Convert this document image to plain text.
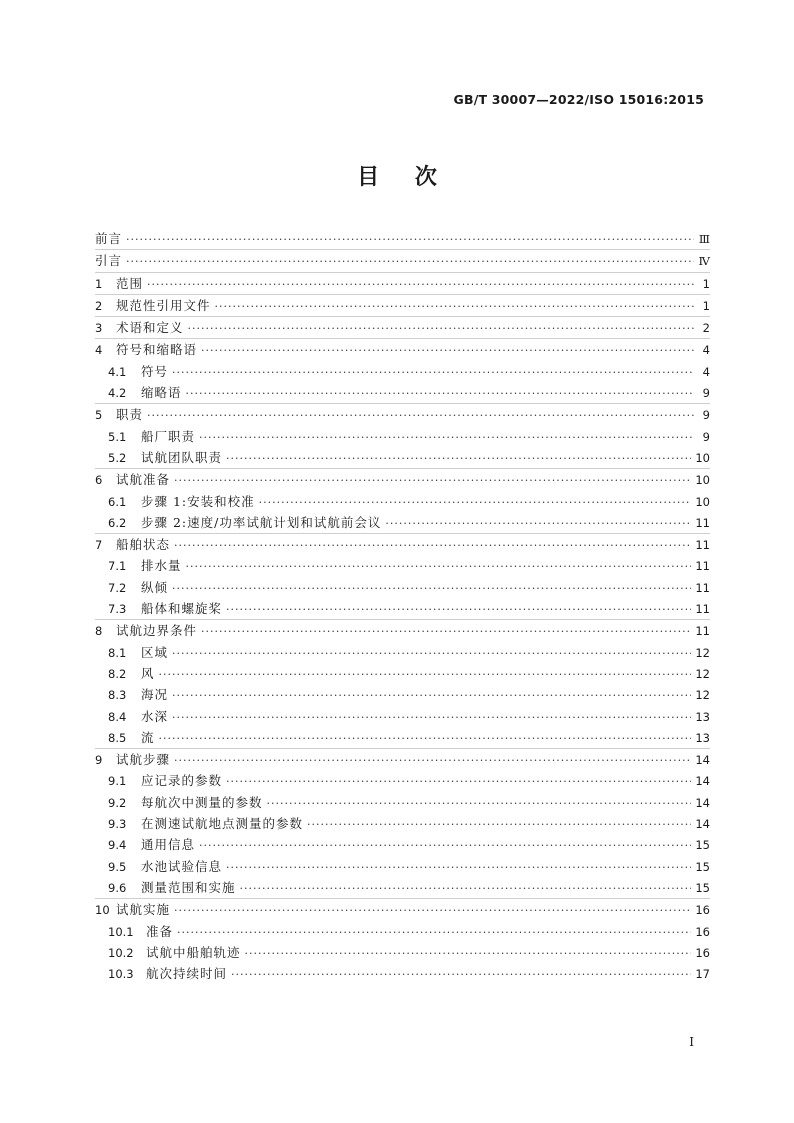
GB/T 30007—2022/ISO 15016:2015
目 次
前言 ·····	Ⅲ
引言 ·····	Ⅳ
1	范围 ·····	1
2	规范性引用文件 ·····	1
3	术语和定义 ·····	2
4	符号和缩略语 ·····	4
4.1	符号 ·····	4
4.2	缩略语 ·····	9
5	职责 ·····	9
5.1	船厂职责 ·····	9
5.2	试航团队职责 ·····	10
6	试航准备 ·····	10
6.1	步骤 1:安装和校准 ·····	10
6.2	步骤 2:速度/功率试航计划和试航前会议 ·····	11
7	船舶状态 ·····	11
7.1	排水量 ·····	11
7.2	纵倾 ·····	11
7.3	船体和螺旋桨 ·····	11
8	试航边界条件 ·····	11
8.1	区域 ·····	12
8.2	风 ·····	12
8.3	海况 ·····	12
8.4	水深 ·····	13
8.5	流 ·····	13
9	试航步骤 ·····	14
9.1	应记录的参数 ·····	14
9.2	每航次中测量的参数 ·····	14
9.3	在测速试航地点测量的参数 ·····	14
9.4	通用信息 ·····	15
9.5	水池试验信息 ·····	15
9.6	测量范围和实施 ·····	15
10 试航实施 ·····	16
10.1 准备 ·····	16
10.2 试航中船舶轨迹 ·····	16
10.3 航次持续时间 ·····	17
I
